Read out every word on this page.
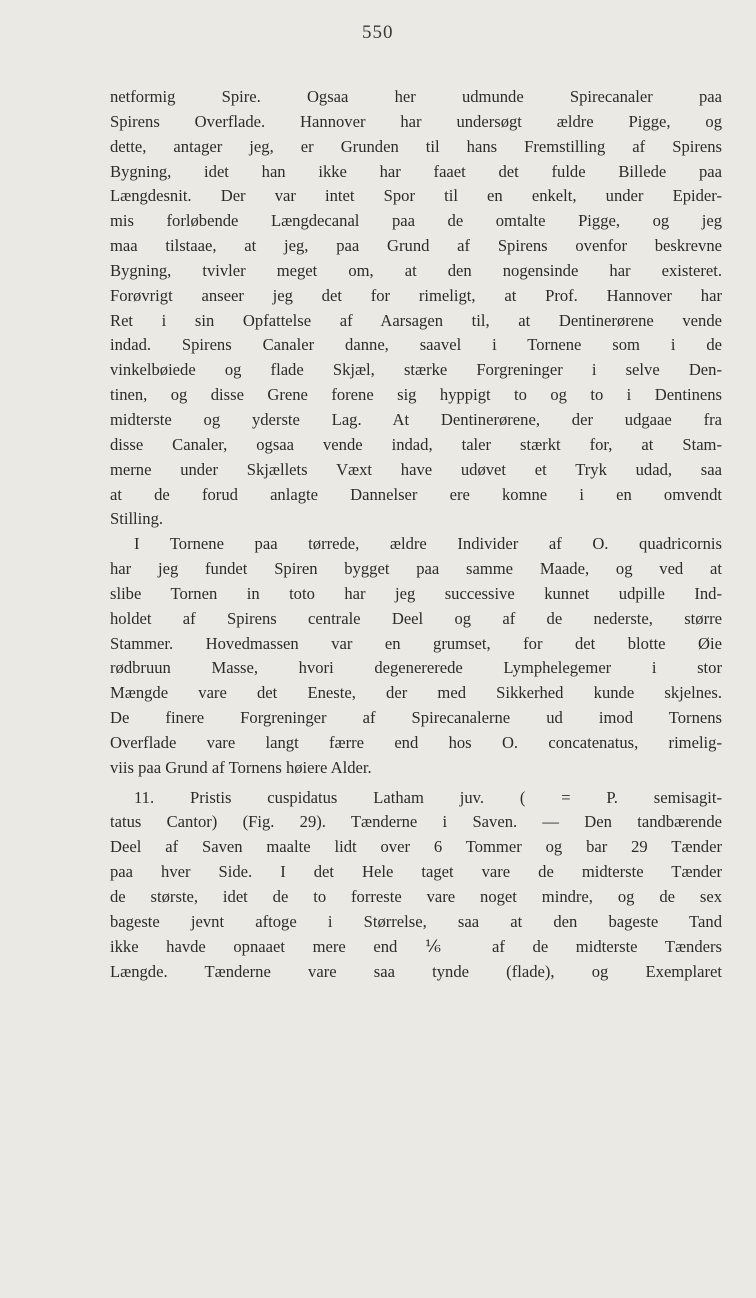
550
netformig Spire. Ogsaa her udmunde Spirecanaler paa
Spirens Overflade. Hannover har undersøgt ældre Pigge, og
dette, antager jeg, er Grunden til hans Fremstilling af Spirens
Bygning, idet han ikke har faaet det fulde Billede paa
Længdesnit. Der var intet Spor til en enkelt, under Epider-
mis forløbende Længdecanal paa de omtalte Pigge, og jeg
maa tilstaae, at jeg, paa Grund af Spirens ovenfor beskrevne
Bygning, tvivler meget om, at den nogensinde har existeret.
Forøvrigt anseer jeg det for rimeligt, at Prof. Hannover har
Ret i sin Opfattelse af Aarsagen til, at Dentinerørene vende
indad. Spirens Canaler danne, saavel i Tornene som i de
vinkelbøiede og flade Skjæl, stærke Forgreninger i selve Den-
tinen, og disse Grene forene sig hyppigt to og to i Dentinens
midterste og yderste Lag. At Dentinerørene, der udgaae fra
disse Canaler, ogsaa vende indad, taler stærkt for, at Stam-
merne under Skjællets Væxt have udøvet et Tryk udad, saa
at de forud anlagte Dannelser ere komne i en omvendt
Stilling.
I Tornene paa tørrede, ældre Individer af O. quadricornis
har jeg fundet Spiren bygget paa samme Maade, og ved at
slibe Tornen in toto har jeg successive kunnet udpille Ind-
holdet af Spirens centrale Deel og af de nederste, større
Stammer. Hovedmassen var en grumset, for det blotte Øie
rødbruun Masse, hvori degenererede Lymphelegemer i stor
Mængde vare det Eneste, der med Sikkerhed kunde skjelnes.
De finere Forgreninger af Spirecanalerne ud imod Tornens
Overflade vare langt færre end hos O. concatenatus, rimelig-
viis paa Grund af Tornens høiere Alder.
11. Pristis cuspidatus Latham juv. ( = P. semisagit-
tatus Cantor) (Fig. 29). Tænderne i Saven. — Den tandbærende
Deel af Saven maalte lidt over 6 Tommer og bar 29 Tænder
paa hver Side. I det Hele taget vare de midterste Tænder
de største, idet de to forreste vare noget mindre, og de sex
bageste jevnt aftoge i Størrelse, saa at den bageste Tand
ikke havde opnaaet mere end ⅙ af de midterste Tænders
Længde. Tænderne vare saa tynde (flade), og Exemplaret
